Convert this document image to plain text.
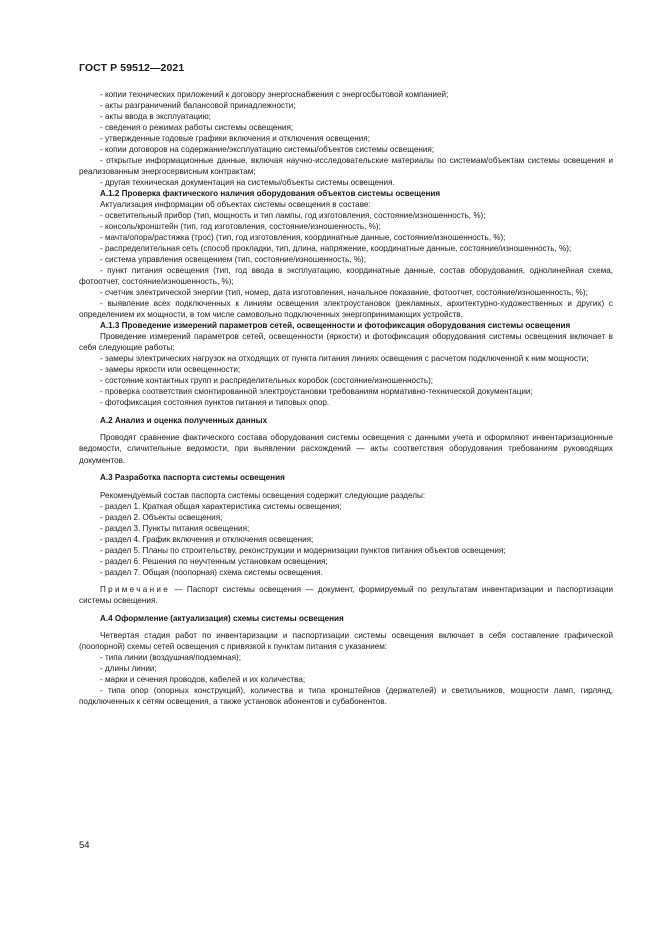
ГОСТ Р 59512—2021

- копии технических приложений к договору энергоснабжения с энергосбытовой компанией;

- акты разграничений балансовой принадлежности;

- акты ввода в эксплуатацию;

- сведения о режимах работы системы освещения;

- утвержденные годовые графики включения и отключения освещения;

- копии договоров на содержание/эксплуатацию системы/объектов системы освещения;

- открытые информационные данные, включая научно-исследовательские материалы по системам/объектам системы освещения и реализованным энергосервисным контрактам;

- другая техническая документация на системы/объекты системы освещения.

А.1.2 Проверка фактического наличия оборудования объектов системы освещения

Актуализация информации об объектах системы освещения в составе:

- осветительный прибор (тип, мощность и тип лампы, год изготовления, состояние/изношенность, %);

- консоль/кронштейн (тип, год изготовления, состояние/изношенность, %);

- мачта/опора/растяжка (трос) (тип, год изготовления, координатные данные, состояние/изношенность, %);

- распределительная сеть (способ прокладки, тип, длина, напряжение, координатные данные, состояние/изношенность, %);

- система управления освещением (тип, состояние/изношенность, %);

- пункт питания освещения (тип, год ввода в эксплуатацию, координатные данные, состав оборудования, однолинейная схема, фотоотчет, состояние/изношенность, %);

- счетчик электрической энергии (тип, номер, дата изготовления, начальное показание, фотоотчет, состояние/изношенность, %);

- выявление всех подключенных к линиям освещения электроустановок (рекламных, архитектурно-художественных и других) с определением их мощности, в том числе самовольно подключенных энергопринимающих устройств.

А.1.3 Проведение измерений параметров сетей, освещенности и фотофиксация оборудования системы освещения

Проведение измерений параметров сетей, освещенности (яркости) и фотофиксация оборудования системы освещения включает в себя следующие работы:

- замеры электрических нагрузок на отходящих от пункта питания линиях освещения с расчетом подключенной к ним мощности;

- замеры яркости или освещенности;

- состояние контактных групп и распределительных коробок (состояние/изношенность);

- проверка соответствия смонтированной электроустановки требованиям нормативно-технической документации;

- фотофиксация состояния пунктов питания и типовых опор.

А.2 Анализ и оценка полученных данных

Проводят сравнение фактического состава оборудования системы освещения с данными учета и оформляют инвентаризационные ведомости, сличительные ведомости, при выявлении расхождений — акты соответствия оборудования требованиям руководящих документов.

А.3 Разработка паспорта системы освещения

Рекомендуемый состав паспорта системы освещения содержит следующие разделы:

- раздел 1. Краткая общая характеристика системы освещения;

- раздел 2. Объекты освещения;

- раздел 3. Пункты питания освещения;

- раздел 4. График включения и отключения освещения;

- раздел 5. Планы по строительству, реконструкции и модернизации пунктов питания объектов освещения;

- раздел 6. Решения по неучтенным установкам освещения;

- раздел 7. Общая (поопорная) схема системы освещения.

Примечание — Паспорт системы освещения — документ, формируемый по результатам инвентаризации и паспортизации системы освещения.

А.4 Оформление (актуализация) схемы системы освещения

Четвертая стадия работ по инвентаризации и паспортизации системы освещения включает в себя составление графической (поопорной) схемы сетей освещения с привязкой к пунктам питания с указанием:

- типа линии (воздушная/подземная);

- длины линии;

- марки и сечения проводов, кабелей и их количества;

- типа опор (опорных конструкций), количества и типа кронштейнов (держателей) и светильников, мощности ламп, гирлянд, подключенных к сетям освещения, а также установок абонентов и субабонентов.

54
